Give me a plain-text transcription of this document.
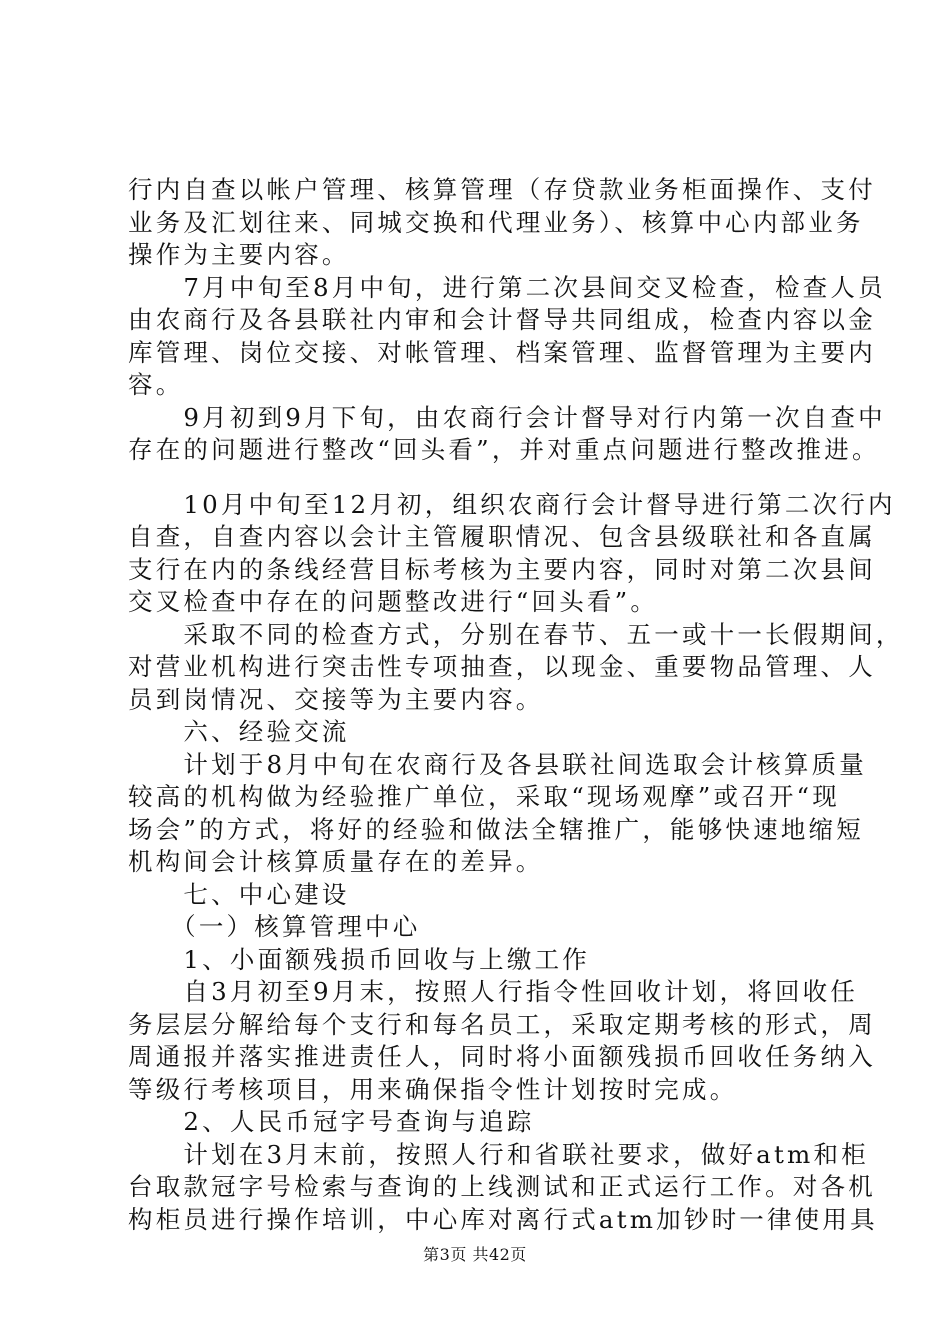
行内自查以帐户管理、核算管理（存贷款业务柜面操作、支付
业务及汇划往来、同城交换和代理业务）、核算中心内部业务
操作为主要内容。
　　7月中旬至8月中旬，进行第二次县间交叉检查，检查人员
由农商行及各县联社内审和会计督导共同组成，检查内容以金
库管理、岗位交接、对帐管理、档案管理、监督管理为主要内
容。
　　9月初到9月下旬，由农商行会计督导对行内第一次自查中
存在的问题进行整改“回头看”，并对重点问题进行整改推进。
　　10月中旬至12月初，组织农商行会计督导进行第二次行内
自查，自查内容以会计主管履职情况、包含县级联社和各直属
支行在内的条线经营目标考核为主要内容，同时对第二次县间
交叉检查中存在的问题整改进行“回头看”。
　　采取不同的检查方式，分别在春节、五一或十一长假期间，
对营业机构进行突击性专项抽查，以现金、重要物品管理、人
员到岗情况、交接等为主要内容。
　　六、经验交流
　　计划于8月中旬在农商行及各县联社间选取会计核算质量
较高的机构做为经验推广单位，采取“现场观摩”或召开“现
场会”的方式，将好的经验和做法全辖推广，能够快速地缩短
机构间会计核算质量存在的差异。
　　七、中心建设
　　（一）核算管理中心
　　1、小面额残损币回收与上缴工作
　　自3月初至9月末，按照人行指令性回收计划，将回收任
务层层分解给每个支行和每名员工，采取定期考核的形式，周
周通报并落实推进责任人，同时将小面额残损币回收任务纳入
等级行考核项目，用来确保指令性计划按时完成。
　　2、人民币冠字号查询与追踪
　　计划在3月末前，按照人行和省联社要求，做好atm和柜
台取款冠字号检索与查询的上线测试和正式运行工作。对各机
构柜员进行操作培训，中心库对离行式atm加钞时一律使用具
第3页 共42页
